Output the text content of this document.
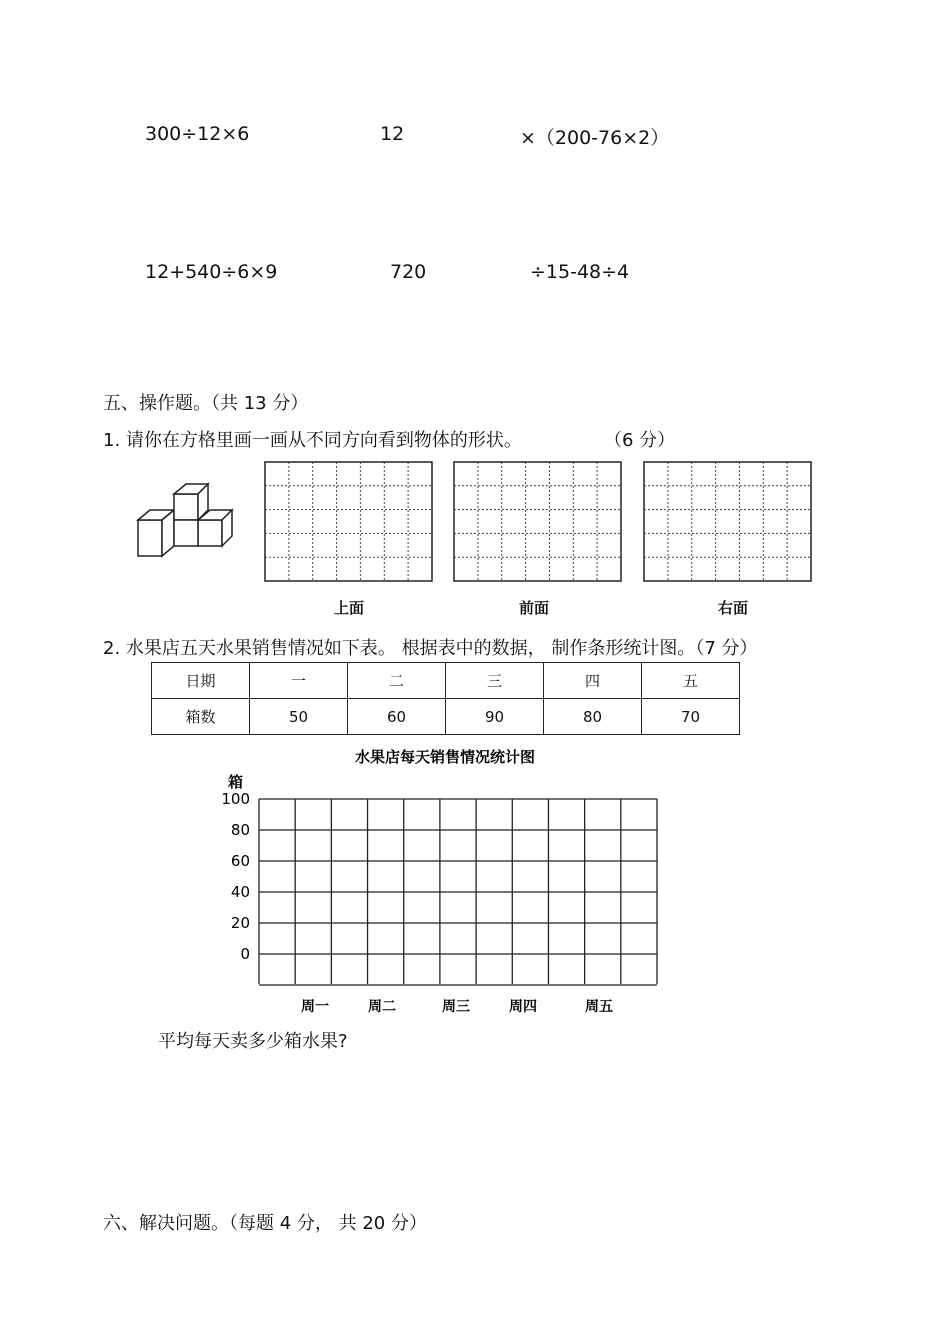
300÷12×6	12	×（200-76×2）
12+540÷6×9	720	÷15-48÷4
五、操作题。（共 13 分）
1. 请你在方格里画一画从不同方向看到物体的形状。	（6 分）
上面	前面	右面
2. 水果店五天水果销售情况如下表。 根据表中的数据， 制作条形统计图。（7 分）
日期	一	二	三	四	五
箱数	50	60	90	80	70
水果店每天销售情况统计图
箱
100
80
60
40
20
0
周一	周二	周三	周四	周五
平均每天卖多少箱水果?
六、解决问题。（每题 4 分， 共 20 分）
